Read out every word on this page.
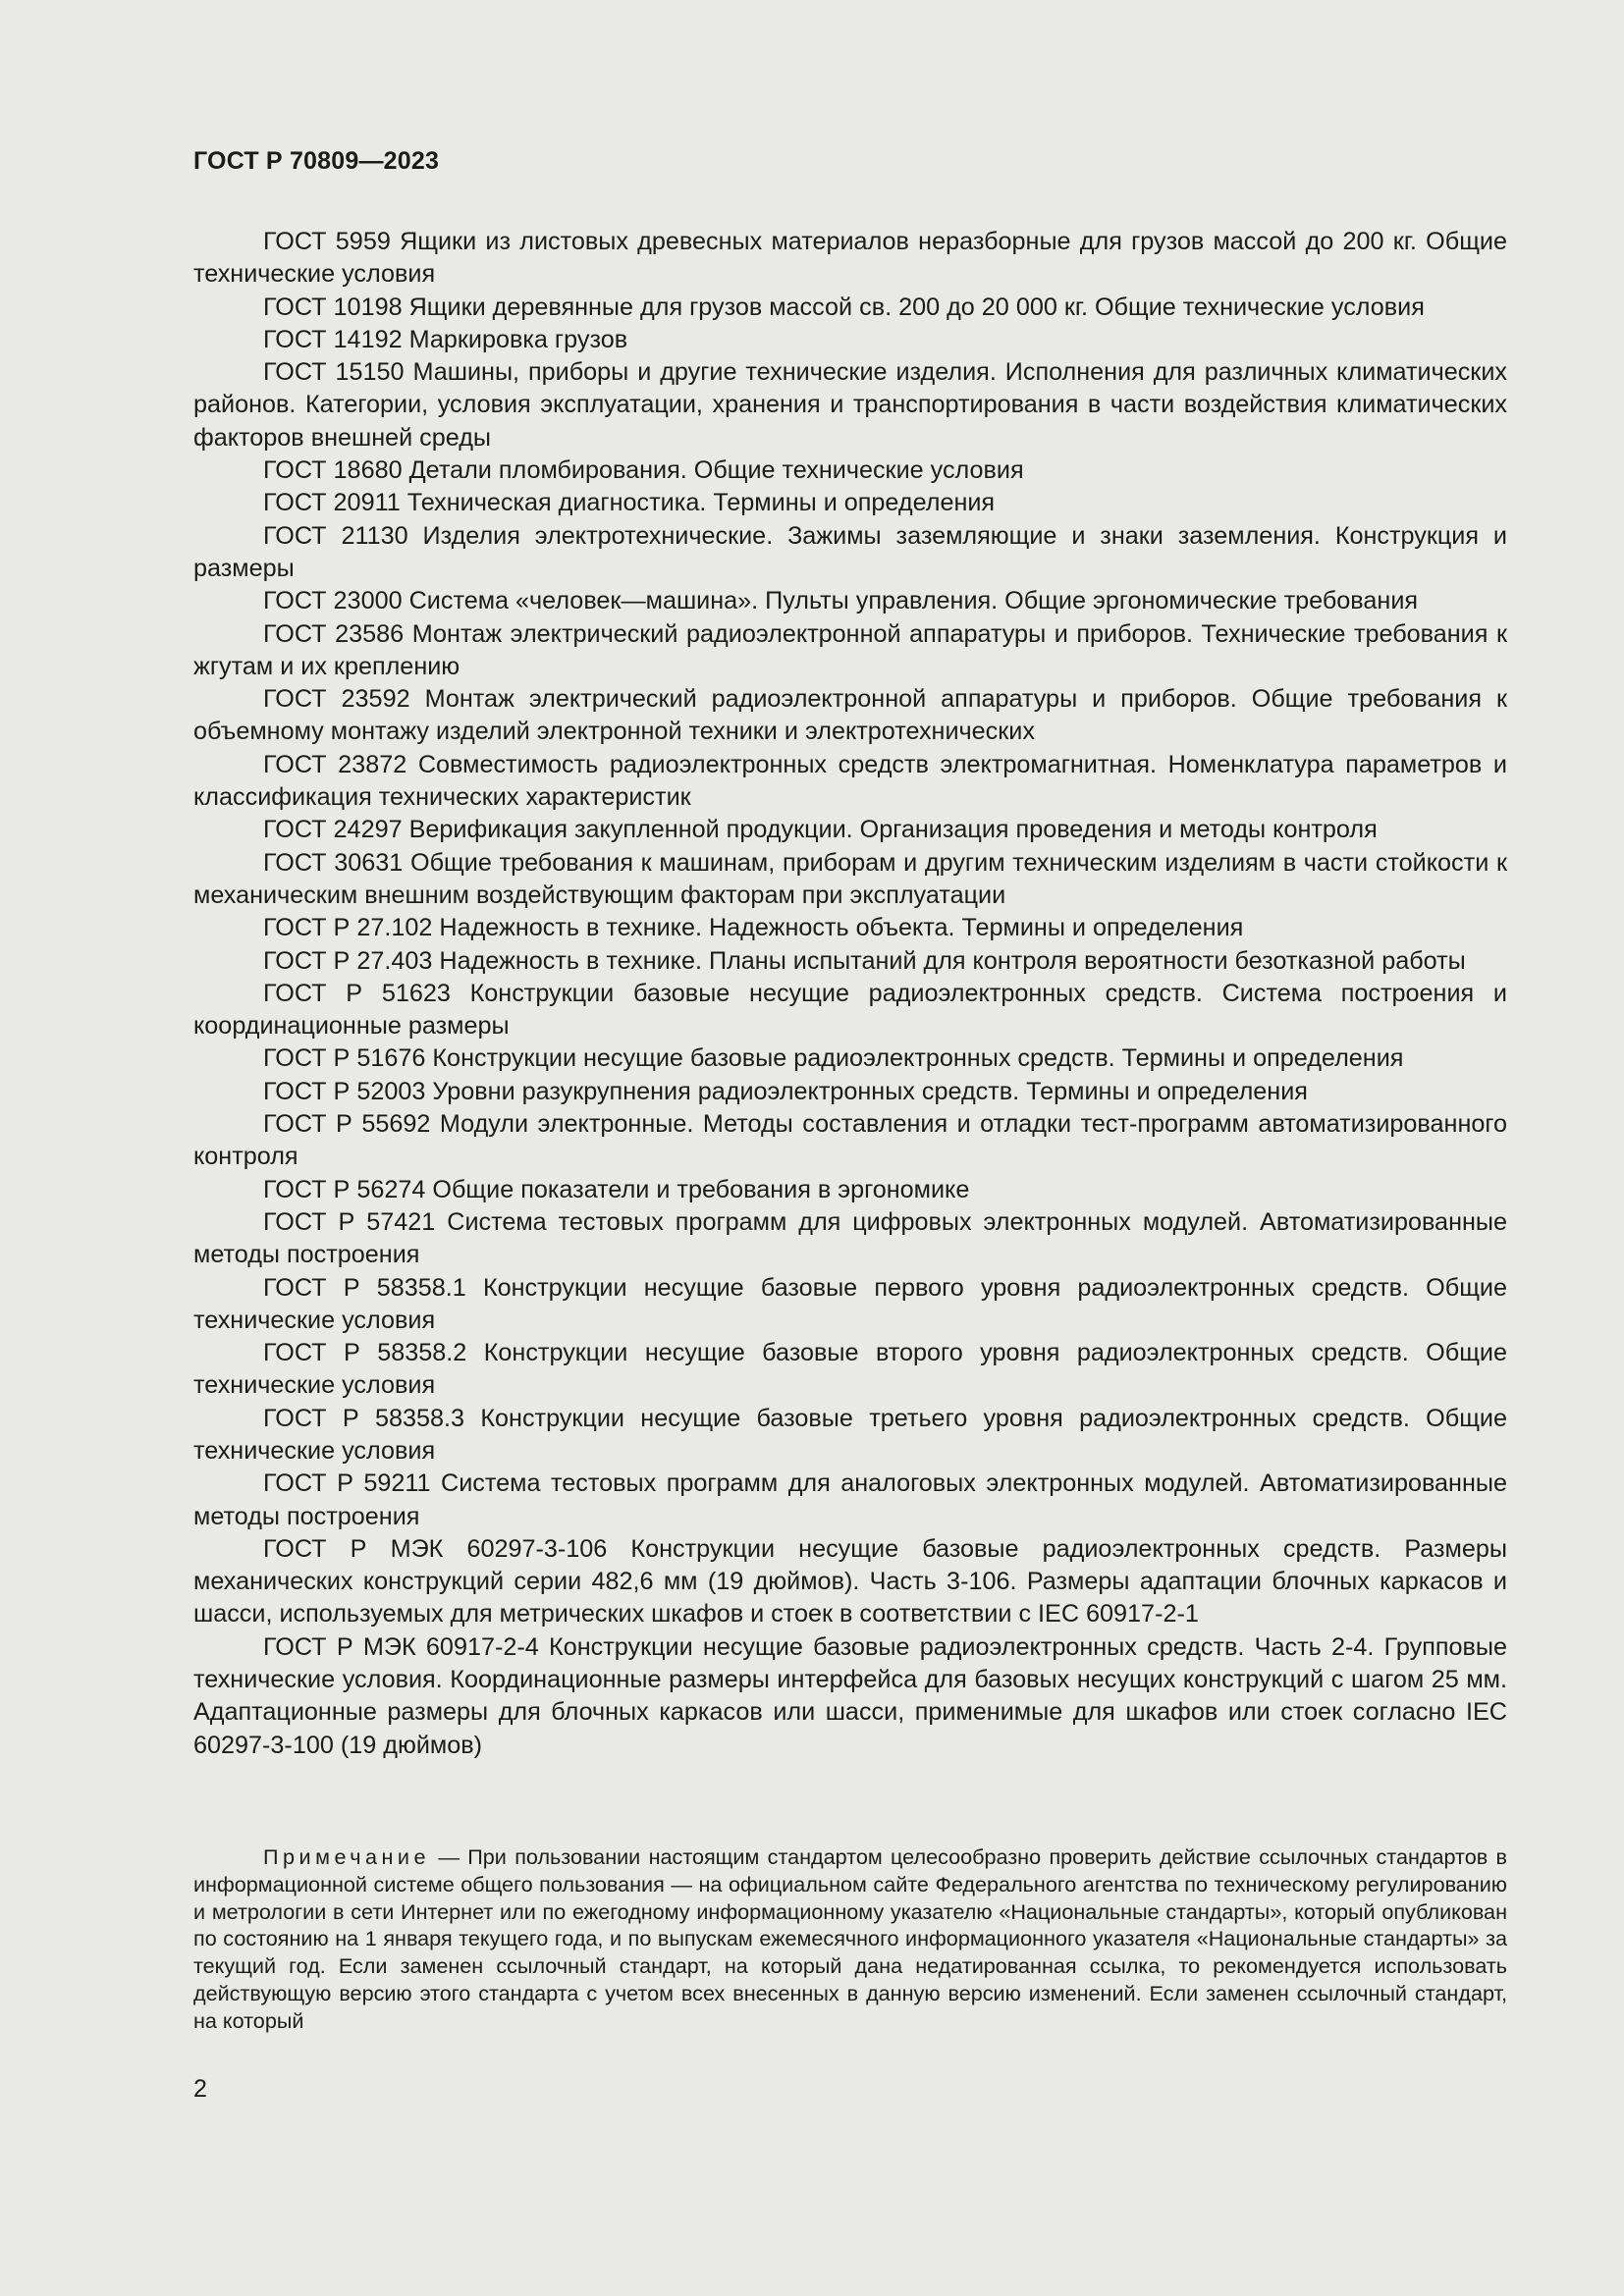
ГОСТ Р 70809—2023

ГОСТ 5959 Ящики из листовых древесных материалов неразборные для грузов массой до 200 кг. Общие технические условия

ГОСТ 10198 Ящики деревянные для грузов массой св. 200 до 20 000 кг. Общие технические условия

ГОСТ 14192 Маркировка грузов

ГОСТ 15150 Машины, приборы и другие технические изделия. Исполнения для различных климатических районов. Категории, условия эксплуатации, хранения и транспортирования в части воздействия климатических факторов внешней среды

ГОСТ 18680 Детали пломбирования. Общие технические условия

ГОСТ 20911 Техническая диагностика. Термины и определения

ГОСТ 21130 Изделия электротехнические. Зажимы заземляющие и знаки заземления. Конструкция и размеры

ГОСТ 23000 Система «человек—машина». Пульты управления. Общие эргономические требования

ГОСТ 23586 Монтаж электрический радиоэлектронной аппаратуры и приборов. Технические требования к жгутам и их креплению

ГОСТ 23592 Монтаж электрический радиоэлектронной аппаратуры и приборов. Общие требования к объемному монтажу изделий электронной техники и электротехнических

ГОСТ 23872 Совместимость радиоэлектронных средств электромагнитная. Номенклатура параметров и классификация технических характеристик

ГОСТ 24297 Верификация закупленной продукции. Организация проведения и методы контроля

ГОСТ 30631 Общие требования к машинам, приборам и другим техническим изделиям в части стойкости к механическим внешним воздействующим факторам при эксплуатации

ГОСТ Р 27.102 Надежность в технике. Надежность объекта. Термины и определения

ГОСТ Р 27.403 Надежность в технике. Планы испытаний для контроля вероятности безотказной работы

ГОСТ Р 51623 Конструкции базовые несущие радиоэлектронных средств. Система построения и координационные размеры

ГОСТ Р 51676 Конструкции несущие базовые радиоэлектронных средств. Термины и определения

ГОСТ Р 52003 Уровни разукрупнения радиоэлектронных средств. Термины и определения

ГОСТ Р 55692 Модули электронные. Методы составления и отладки тест-программ автоматизированного контроля

ГОСТ Р 56274 Общие показатели и требования в эргономике

ГОСТ Р 57421 Система тестовых программ для цифровых электронных модулей. Автоматизированные методы построения

ГОСТ Р 58358.1 Конструкции несущие базовые первого уровня радиоэлектронных средств. Общие технические условия

ГОСТ Р 58358.2 Конструкции несущие базовые второго уровня радиоэлектронных средств. Общие технические условия

ГОСТ Р 58358.3 Конструкции несущие базовые третьего уровня радиоэлектронных средств. Общие технические условия

ГОСТ Р 59211 Система тестовых программ для аналоговых электронных модулей. Автоматизированные методы построения

ГОСТ Р МЭК 60297-3-106 Конструкции несущие базовые радиоэлектронных средств. Размеры механических конструкций серии 482,6 мм (19 дюймов). Часть 3-106. Размеры адаптации блочных каркасов и шасси, используемых для метрических шкафов и стоек в соответствии с IEC 60917-2-1

ГОСТ Р МЭК 60917-2-4 Конструкции несущие базовые радиоэлектронных средств. Часть 2-4. Групповые технические условия. Координационные размеры интерфейса для базовых несущих конструкций с шагом 25 мм. Адаптационные размеры для блочных каркасов или шасси, применимые для шкафов или стоек согласно IEC 60297-3-100 (19 дюймов)

Примечание — При пользовании настоящим стандартом целесообразно проверить действие ссылочных стандартов в информационной системе общего пользования — на официальном сайте Федерального агентства по техническому регулированию и метрологии в сети Интернет или по ежегодному информационному указателю «Национальные стандарты», который опубликован по состоянию на 1 января текущего года, и по выпускам ежемесячного информационного указателя «Национальные стандарты» за текущий год. Если заменен ссылочный стандарт, на который дана недатированная ссылка, то рекомендуется использовать действующую версию этого стандарта с учетом всех внесенных в данную версию изменений. Если заменен ссылочный стандарт, на который

2
